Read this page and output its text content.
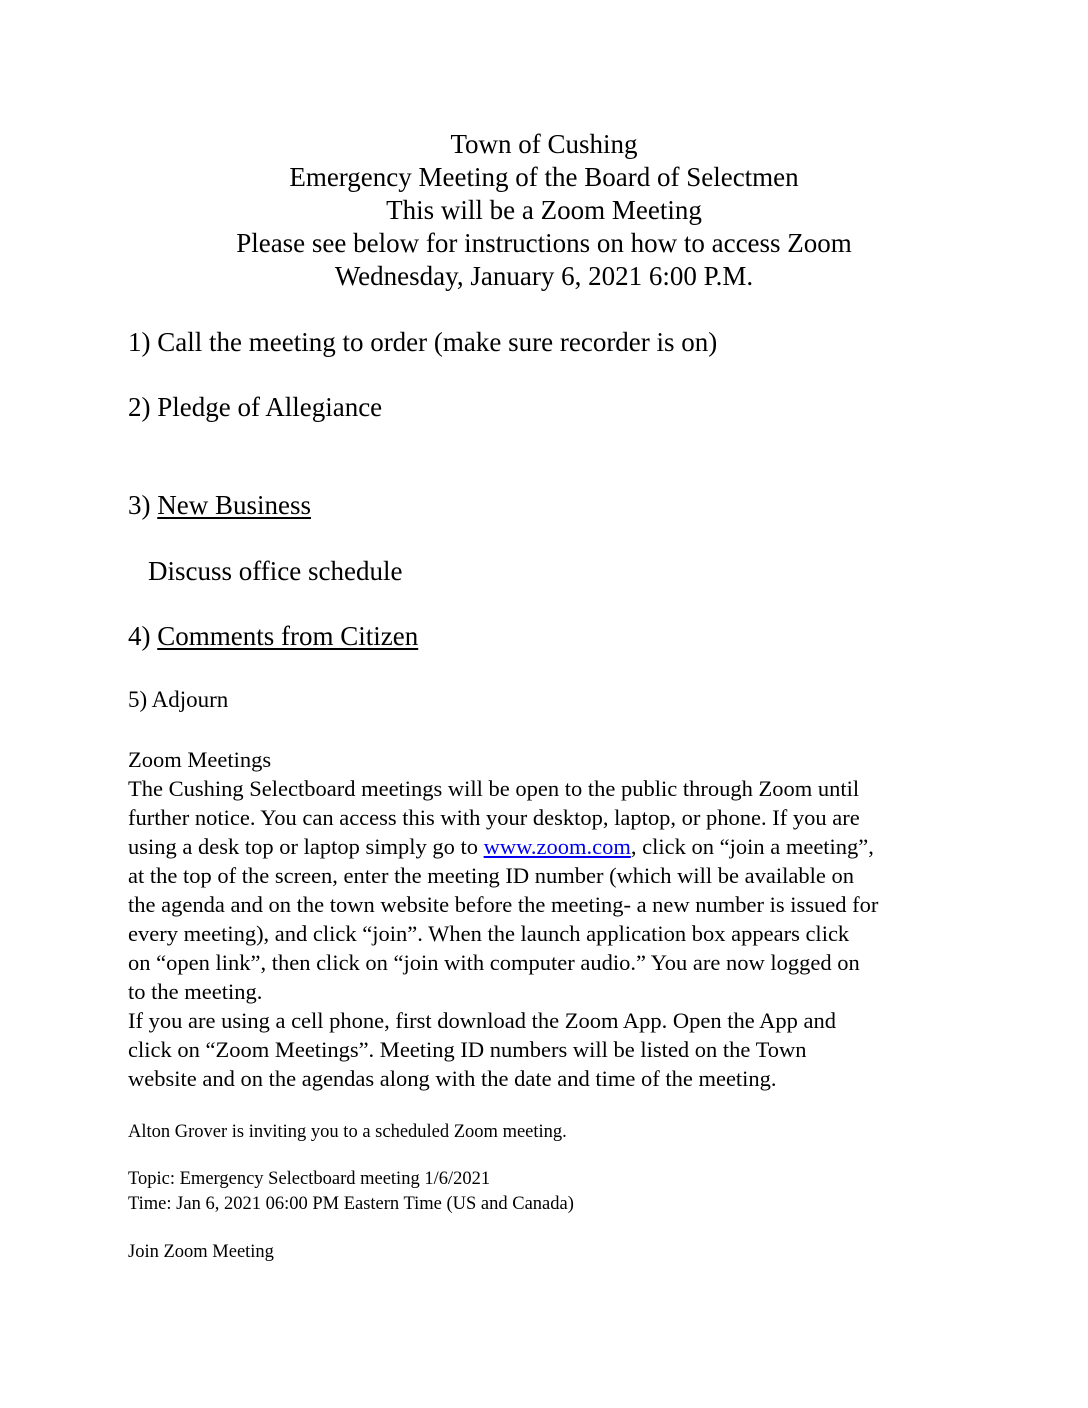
Town of Cushing
Emergency Meeting of the Board of Selectmen
This will be a Zoom Meeting
Please see below for instructions on how to access Zoom
Wednesday, January 6, 2021 6:00 P.M.
1) Call the meeting to order (make sure recorder is on)
2) Pledge of Allegiance
3) New Business
Discuss office schedule
4) Comments from Citizen
5) Adjourn
Zoom Meetings
The Cushing Selectboard meetings will be open to the public through Zoom until
further notice. You can access this with your desktop, laptop, or phone. If you are
using a desk top or laptop simply go to www.zoom.com, click on “join a meeting”,
at the top of the screen, enter the meeting ID number (which will be available on
the agenda and on the town website before the meeting- a new number is issued for
every meeting), and click “join”. When the launch application box appears click
on “open link”, then click on “join with computer audio.” You are now logged on
to the meeting.
If you are using a cell phone, first download the Zoom App. Open the App and
click on “Zoom Meetings”. Meeting ID numbers will be listed on the Town
website and on the agendas along with the date and time of the meeting.
Alton Grover is inviting you to a scheduled Zoom meeting.
Topic: Emergency Selectboard meeting 1/6/2021
Time: Jan 6, 2021 06:00 PM Eastern Time (US and Canada)
Join Zoom Meeting
